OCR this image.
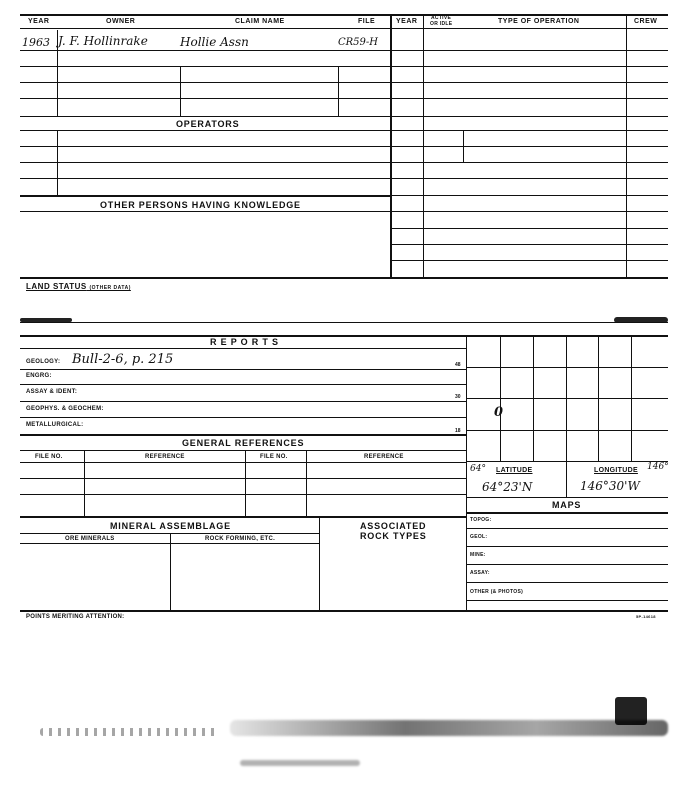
YEAR	OWNER	CLAIM NAME	FILE	YEAR	ACTIVE
OR IDLE	TYPE OF OPERATION	CREW
1963 J. F. Hollinrake	Hollie Assn	CR59-H
OPERATORS
OTHER PERSONS HAVING KNOWLEDGE
LAND STATUS (OTHER DATA)
R E P O R T S
GEOLOGY: Bull-2-6, p. 215	48
ENGRG:
ASSAY & IDENT:
30
GEOPHYS. & GEOCHEM:
METALLURGICAL:
18
GENERAL REFERENCES
FILE NO.	REFERENCE	FILE NO.	REFERENCE
MINERAL ASSEMBLAGE
ORE MINERALS	ROCK FORMING, ETC.
ASSOCIATED
ROCK TYPES
0
64° LATITUDE	LONGITUDE 146°
64°23'N	146°30'W
MAPS
TOPOG:
GEOL:
MINE:
ASSAY:
OTHER (& PHOTOS)
POINTS MERITING ATTENTION:	5P-14618
